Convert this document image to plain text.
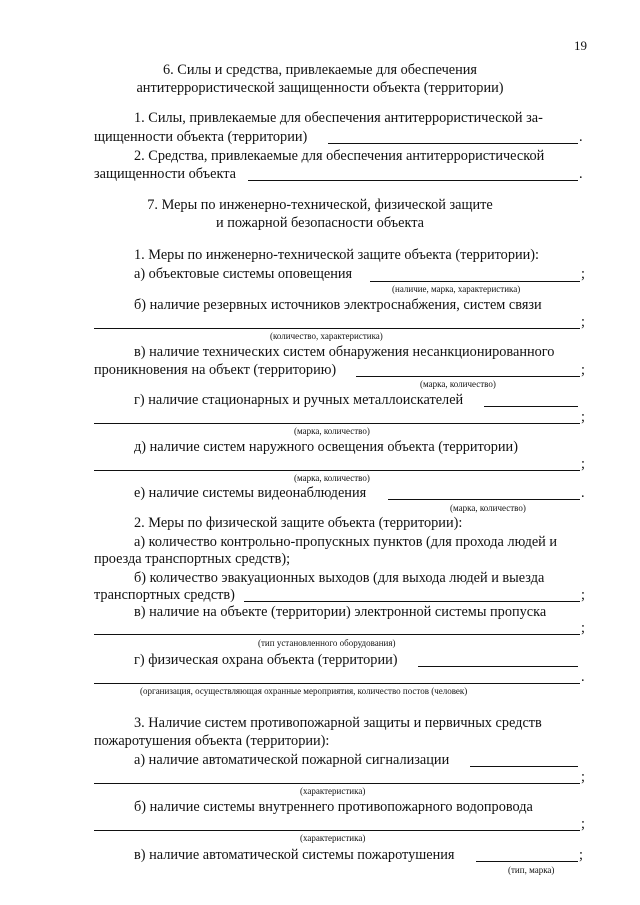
19
6. Силы и средства, привлекаемые для обеспечения
антитеррористической защищенности объекта (территории)
1. Силы, привлекаемые для обеспечения антитеррористической за-
щищенности объекта (территории)	.
2. Средства, привлекаемые для обеспечения антитеррористической
защищенности объекта	.
7. Меры по инженерно-технической, физической защите
и пожарной безопасности объекта
1. Меры по инженерно-технической защите объекта (территории):
а) объектовые системы оповещения	;
(наличие, марка, характеристика)
б) наличие резервных источников электроснабжения, систем связи
;
(количество, характеристика)
в) наличие технических систем обнаружения несанкционированного
проникновения на объект (территорию)	;
(марка, количество)
г) наличие стационарных и ручных металлоискателей
;
(марка, количество)
д) наличие систем наружного освещения объекта (территории)
;
(марка, количество)
е) наличие системы видеонаблюдения	.
(марка, количество)
2. Меры по физической защите объекта (территории):
а) количество контрольно-пропускных пунктов (для прохода людей и
проезда транспортных средств);
б) количество эвакуационных выходов (для выхода людей и выезда
транспортных средств)	;
в) наличие на объекте (территории) электронной системы пропуска
;
(тип установленного оборудования)
г) физическая охрана объекта (территории)
.
(организация, осуществляющая охранные мероприятия, количество постов (человек)
3. Наличие систем противопожарной защиты и первичных средств
пожаротушения объекта (территории):
а) наличие автоматической пожарной сигнализации
;
(характеристика)
б) наличие системы внутреннего противопожарного водопровода
;
(характеристика)
в) наличие автоматической системы пожаротушения	;
(тип, марка)
